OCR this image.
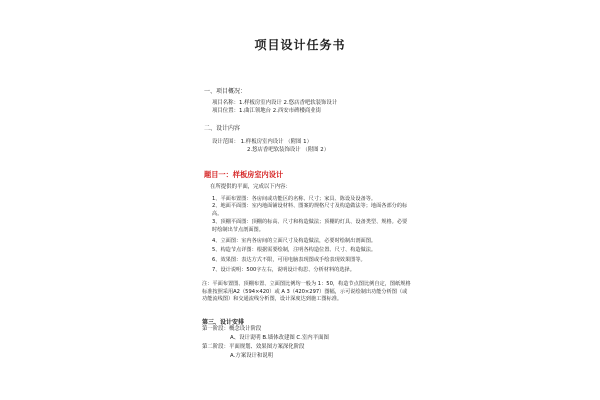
项目设计任务书
一、项目概况：
项目名称：1.样板房室内设计 2.悠店香吧软装饰设计
项目位置：1.曲江领地台 2.西安市碑楼商业街
二、设计内容
设计范围： 1.样板房室内设计 （附图 1）
2.悠店香吧软装饰设计 （附图 2）
题目一：样板房室内设计
在所提供的平面，完成以下内容：
1、平面布置图：各房间或功能区的名称、尺寸；家具、陈设及设备等。
2、地面平面图：室内地面铺设材料、图案的规格尺寸及构造做法等；地面各部分的标高。
3、顶棚平面图：顶棚的标高、尺寸和构造做法；顶棚的灯具、设备类型、规格。必要时绘制出节点剖面图。
4、立面图：室内各房间的立面尺寸及构造做法，必要时绘制出剖面图。
5、构造节点详图：根据需要绘制，注明各构造位置、尺寸、构造做法。
6、效果图：表达方式不限，可用电脑表现图或手绘表现效果图等。
7、设计说明：500字左右，说明设计构思、分析材料的选择。
注：平面布置图、顶棚布置、立面图比例均一般为 1：50，构造节点图比例自定，图纸规格标准按照采用A2（594×420）或 A 3（420×297）图幅，示可说绘制出功能分析图（或功能流线图）和交通流线分析图，设计深度达到施工图标准。
第三、设计安排
第一阶段：概念设计阶段
A、设计说明 B.墙体改建图 C.室内平面图
第二阶段：平面规划、效果图方案深化阶段
A.方案设计和说明
